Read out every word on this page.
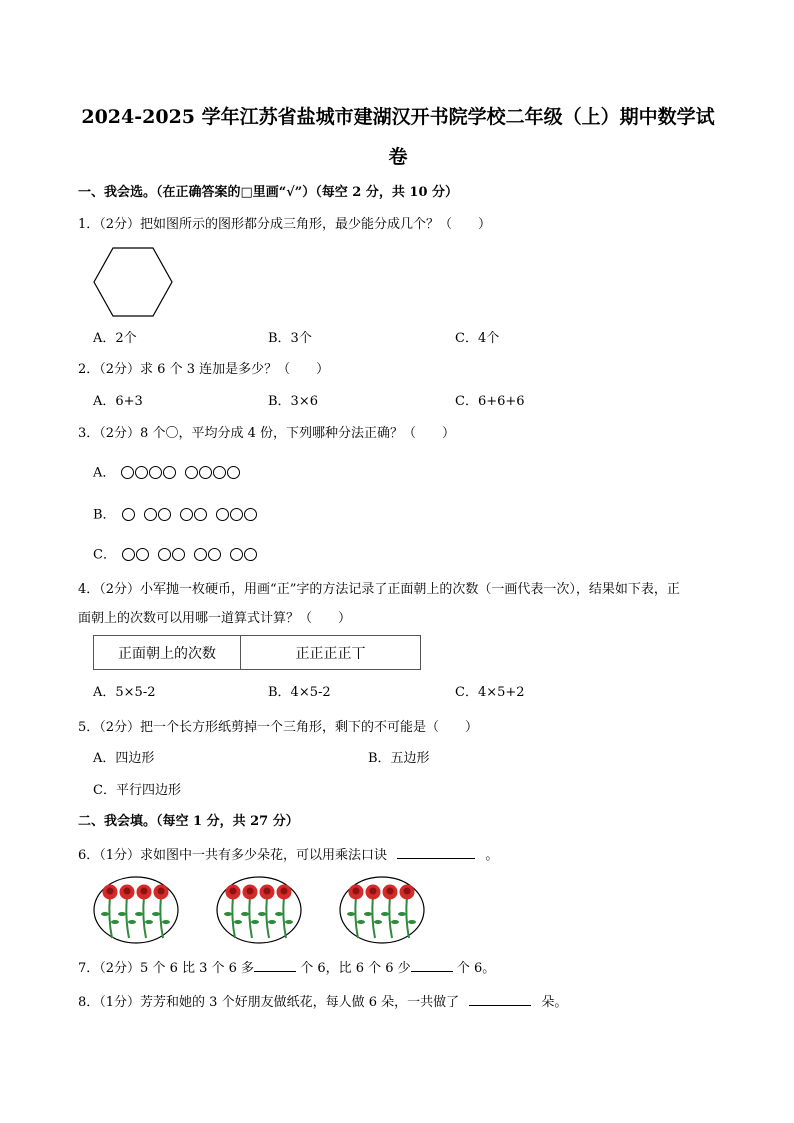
2024-2025 学年江苏省盐城市建湖汉开书院学校二年级（上）期中数学试
卷
一、我会选。（在正确答案的□里画“√”）（每空 2 分，共 10 分）
1．（2分）把如图所示的图形都分成三角形，最少能分成几个？（　　）
A．2个	B．3个	C．4个
2．（2分）求 6 个 3 连加是多少？（　　）
A．6+3	B．3×6	C．6+6+6
3．（2分）8 个〇，平均分成 4 份，下列哪种分法正确？（　　）
A．
B．
C．
4．（2分）小军抛一枚硬币，用画“正”字的方法记录了正面朝上的次数（一画代表一次），结果如下表，正
面朝上的次数可以用哪一道算式计算？（　　）
正面朝上的次数	正正正正丅
A．5×5-2	B．4×5-2	C．4×5+2
5．（2分）把一个长方形纸剪掉一个三角形，剩下的不可能是（　　）
A．四边形	B．五边形
C．平行四边形
二、我会填。（每空 1 分，共 27 分）
6．（1分）求如图中一共有多少朵花，可以用乘法口诀	。
7．（2分）5 个 6 比 3 个 6 多	个 6，比 6 个 6 少	个 6。
8．（1分）芳芳和她的 3 个好朋友做纸花，每人做 6 朵，一共做了	朵。
